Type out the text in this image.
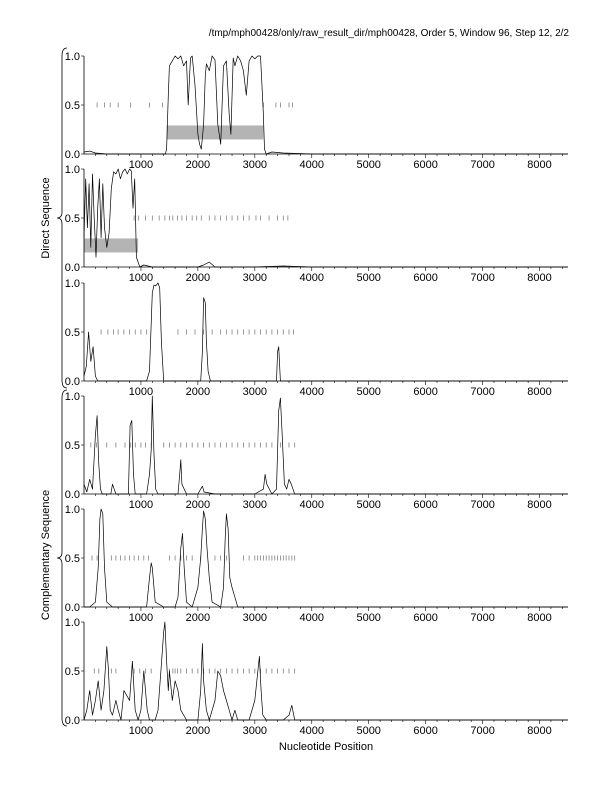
/tmp/mph00428/only/raw_result_dir/mph00428, Order 5, Window 96, Step 12, 2/2
Nucleotide Position
Direct Sequence
Complementary Sequence
1000	2000	3000	4000	5000	6000	7000	8000
0.0
0.5
1.0
1000	2000	3000	4000	5000	6000	7000	8000
0.0
0.5
1.0
1000	2000	3000	4000	5000	6000	7000	8000
0.0
0.5
1.0
1000	2000	3000	4000	5000	6000	7000	8000
0.0
0.5
1.0
1000	2000	3000	4000	5000	6000	7000	8000
0.0
0.5
1.0
1000	2000	3000	4000	5000	6000	7000	8000
0.0
0.5
1.0
